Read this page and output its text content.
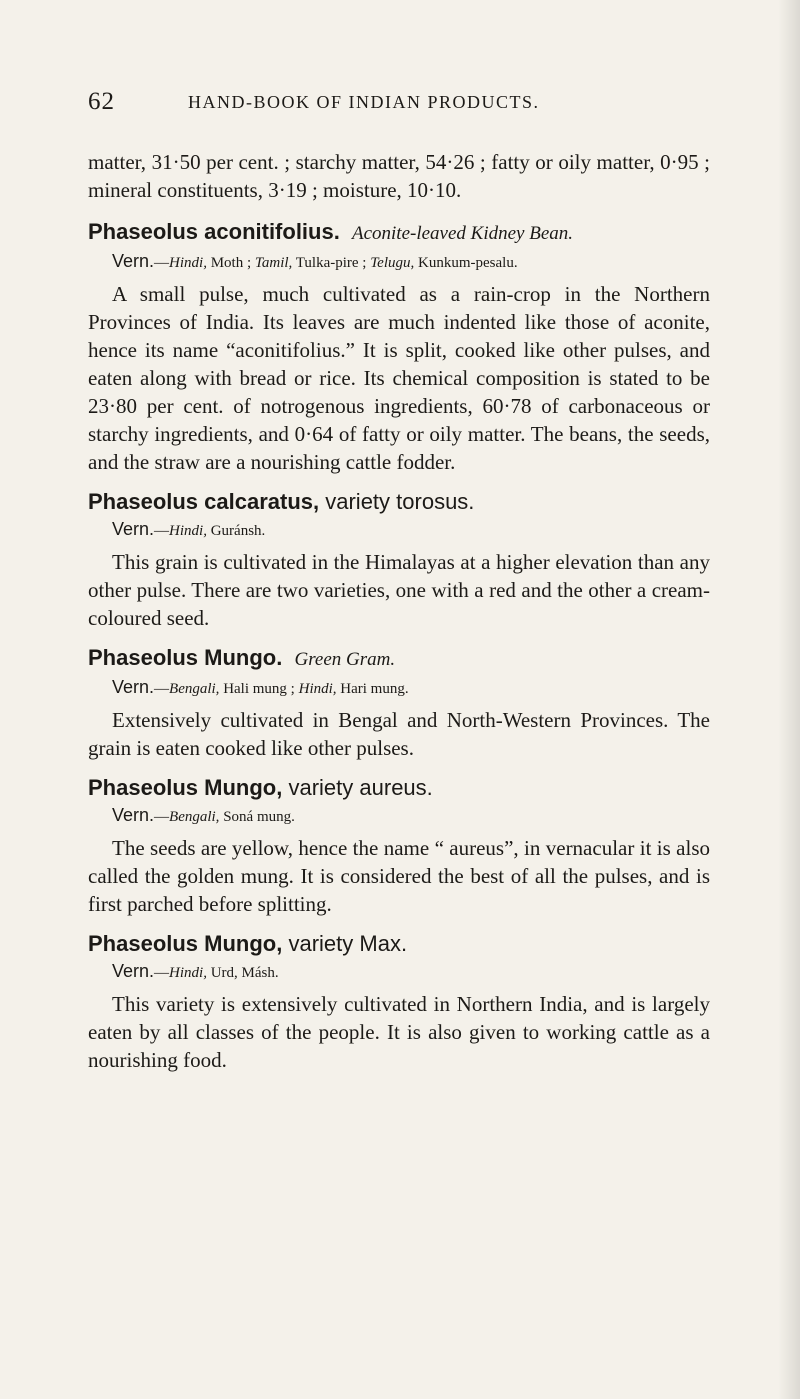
62	HAND-BOOK OF INDIAN PRODUCTS.

matter, 31·50 per cent. ; starchy matter, 54·26 ; fatty or oily matter, 0·95 ; mineral constituents, 3·19 ; moisture, 10·10.

Phaseolus aconitifolius. Aconite-leaved Kidney Bean.
Vern.—Hindi, Moth ; Tamil, Tulka-pire ; Telugu, Kunkum-pesalu.

A small pulse, much cultivated as a rain-crop in the Northern Provinces of India. Its leaves are much indented like those of aconite, hence its name “aconitifolius.” It is split, cooked like other pulses, and eaten along with bread or rice. Its chemical composition is stated to be 23·80 per cent. of notrogenous ingredients, 60·78 of carbonaceous or starchy ingredients, and 0·64 of fatty or oily matter. The beans, the seeds, and the straw are a nourishing cattle fodder.

Phaseolus calcaratus, variety torosus.
Vern.—Hindi, Guránsh.

This grain is cultivated in the Himalayas at a higher elevation than any other pulse. There are two varieties, one with a red and the other a cream-coloured seed.

Phaseolus Mungo. Green Gram.
Vern.—Bengali, Hali mung ; Hindi, Hari mung.

Extensively cultivated in Bengal and North-Western Provinces. The grain is eaten cooked like other pulses.

Phaseolus Mungo, variety aureus.
Vern.—Bengali, Soná mung.

The seeds are yellow, hence the name “ aureus”, in vernacular it is also called the golden mung. It is considered the best of all the pulses, and is first parched before splitting.

Phaseolus Mungo, variety Max.
Vern.—Hindi, Urd, Másh.

This variety is extensively cultivated in Northern India, and is largely eaten by all classes of the people. It is also given to working cattle as a nourishing food.
